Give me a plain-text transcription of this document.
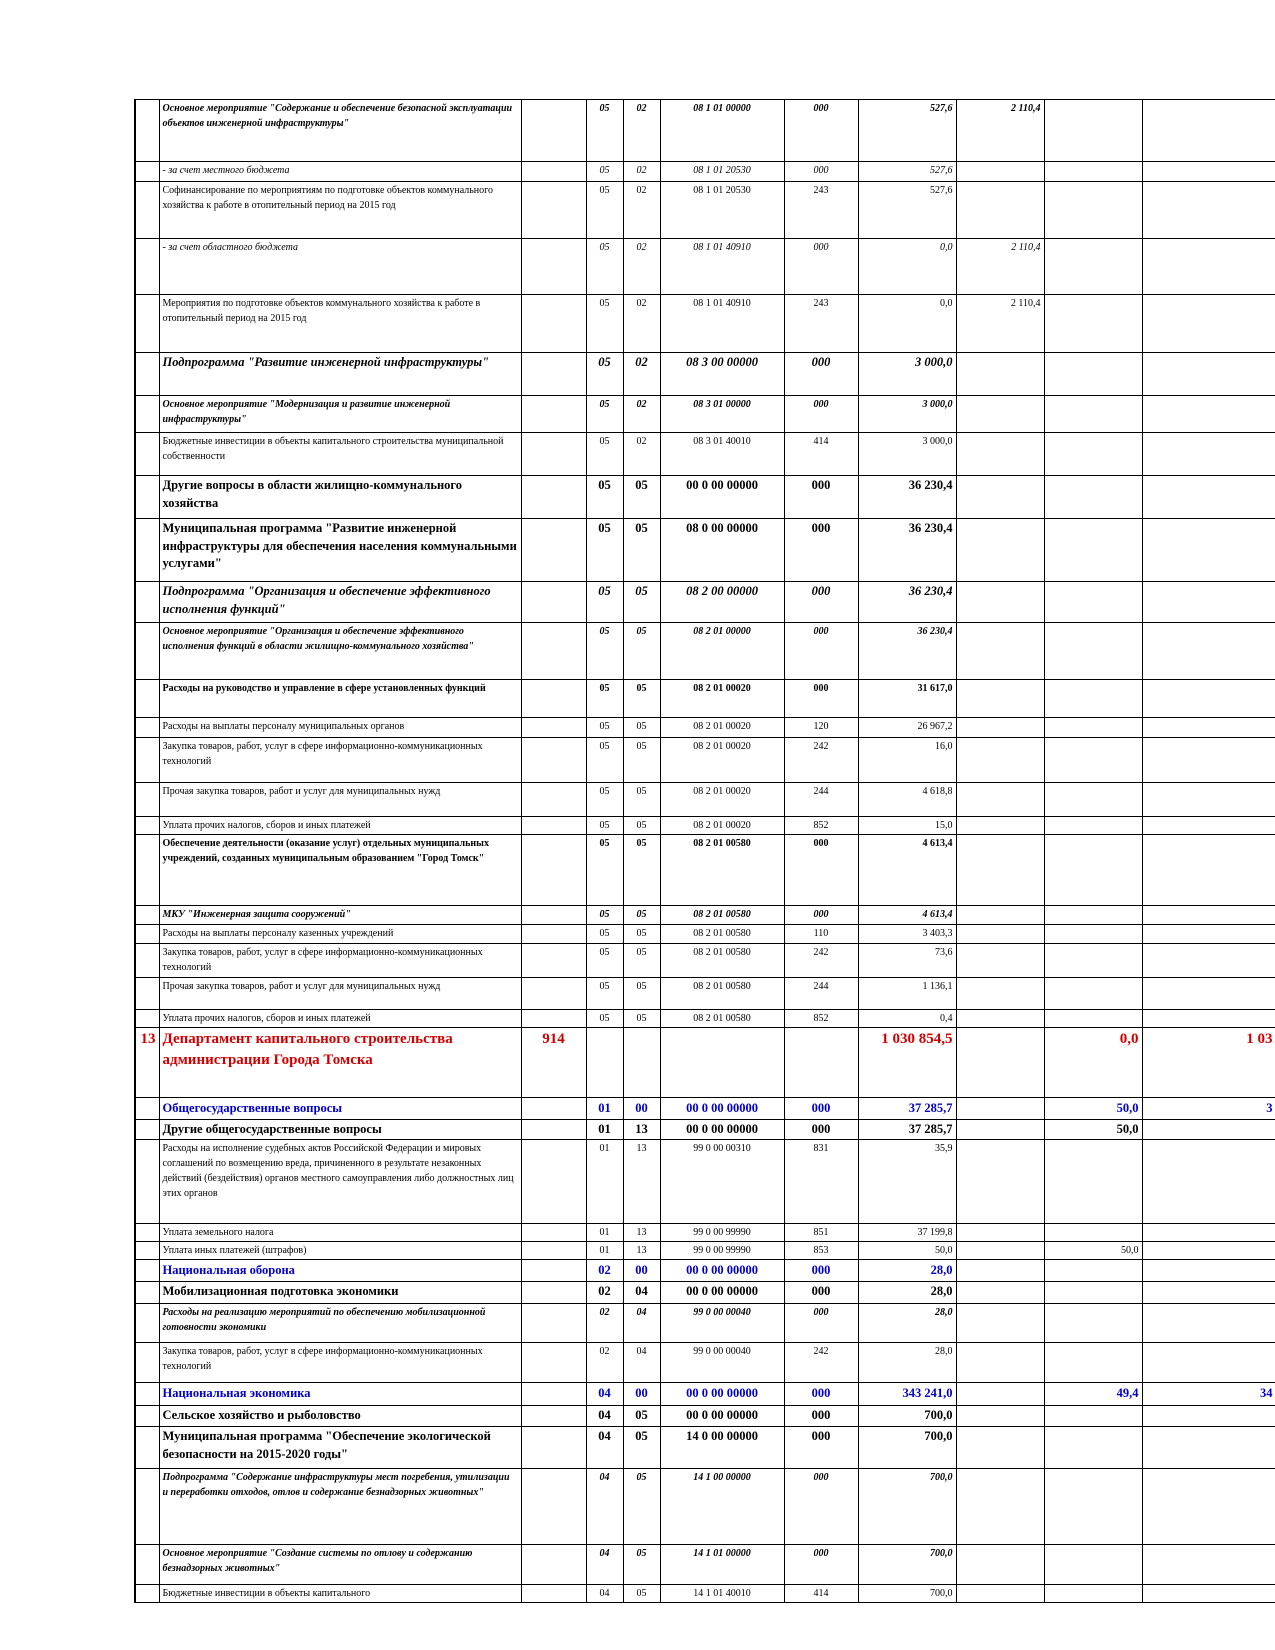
	Основное мероприятие "Содержание и обеспечение безопасной эксплуатации объектов инженерной инфраструктуры"		05	02	08 1 01 00000	000	527,6	2 110,4		
	- за счет местного бюджета		05	02	08 1 01 20530	000	527,6			
	Софинансирование по мероприятиям по подготовке объектов коммунального хозяйства к работе в отопительный период на 2015 год		05	02	08 1 01 20530	243	527,6			
	- за счет областного бюджета		05	02	08 1 01 40910	000	0,0	2 110,4		
	Мероприятия по подготовке объектов коммунального хозяйства к работе в отопительный период на 2015 год		05	02	08 1 01 40910	243	0,0	2 110,4		
	Подпрограмма "Развитие инженерной инфраструктуры"		05	02	08 3 00 00000	000	3 000,0			
	Основное мероприятие "Модернизация и развитие инженерной инфраструктуры"		05	02	08 3 01 00000	000	3 000,0			
	Бюджетные инвестиции в объекты капитального строительства муниципальной собственности		05	02	08 3 01 40010	414	3 000,0			
	Другие вопросы в области жилищно-коммунального хозяйства		05	05	00 0 00 00000	000	36 230,4			
	Муниципальная программа "Развитие инженерной инфраструктуры для обеспечения населения коммунальными услугами"		05	05	08 0 00 00000	000	36 230,4			
	Подпрограмма "Организация и обеспечение эффективного исполнения функций"		05	05	08 2 00 00000	000	36 230,4			
	Основное мероприятие "Организация и обеспечение эффективного исполнения функций в области жилищно-коммунального хозяйства"		05	05	08 2 01 00000	000	36 230,4			
	Расходы на руководство и управление в сфере установленных функций		05	05	08 2 01 00020	000	31 617,0			
	Расходы на выплаты персоналу муниципальных органов		05	05	08 2 01 00020	120	26 967,2			
	Закупка товаров, работ, услуг в сфере информационно-коммуникационных технологий		05	05	08 2 01 00020	242	16,0			
	Прочая закупка товаров, работ и услуг для муниципальных нужд		05	05	08 2 01 00020	244	4 618,8			
	Уплата прочих налогов, сборов и иных платежей		05	05	08 2 01 00020	852	15,0			
	Обеспечение деятельности (оказание услуг) отдельных муниципальных учреждений, созданных муниципальным образованием "Город Томск"		05	05	08 2 01 00580	000	4 613,4			
	МКУ "Инженерная защита сооружений"		05	05	08 2 01 00580	000	4 613,4			
	Расходы на выплаты персоналу казенных учреждений		05	05	08 2 01 00580	110	3 403,3			
	Закупка товаров, работ, услуг в сфере информационно-коммуникационных технологий		05	05	08 2 01 00580	242	73,6			
	Прочая закупка товаров, работ и услуг для муниципальных нужд		05	05	08 2 01 00580	244	1 136,1			
	Уплата прочих налогов, сборов и иных платежей		05	05	08 2 01 00580	852	0,4			
13	Департамент капитального строительства администрации Города Томска	914					1 030 854,5		0,0	1 03
	Общегосударственные вопросы		01	00	00 0 00 00000	000	37 285,7		50,0	3
	Другие общегосударственные вопросы		01	13	00 0 00 00000	000	37 285,7		50,0	
	Расходы на исполнение судебных актов Российской Федерации и мировых соглашений по возмещению вреда, причиненного в результате незаконных действий (бездействия) органов местного самоуправления либо должностных лиц этих органов		01	13	99 0 00 00310	831	35,9			
	Уплата земельного налога		01	13	99 0 00 99990	851	37 199,8			
	Уплата иных платежей (штрафов)		01	13	99 0 00 99990	853	50,0		50,0	
	Национальная оборона		02	00	00 0 00 00000	000	28,0			
	Мобилизационная подготовка экономики		02	04	00 0 00 00000	000	28,0			
	Расходы на реализацию мероприятий по обеспечению мобилизационной готовности экономики		02	04	99 0 00 00040	000	28,0			
	Закупка товаров, работ, услуг в сфере информационно-коммуникационных технологий		02	04	99 0 00 00040	242	28,0			
	Национальная экономика		04	00	00 0 00 00000	000	343 241,0		49,4	34
	Сельское хозяйство и рыболовство		04	05	00 0 00 00000	000	700,0			
	Муниципальная программа "Обеспечение экологической безопасности на 2015-2020 годы"		04	05	14 0 00 00000	000	700,0			
	Подпрограмма "Содержание инфраструктуры мест погребения, утилизации и переработки отходов, отлов и содержание безнадзорных животных"		04	05	14 1 00 00000	000	700,0			
	Основное мероприятие "Создание системы по отлову и содержанию безнадзорных животных"		04	05	14 1 01 00000	000	700,0			
	Бюджетные инвестиции в объекты капитального		04	05	14 1 01 40010	414	700,0			
